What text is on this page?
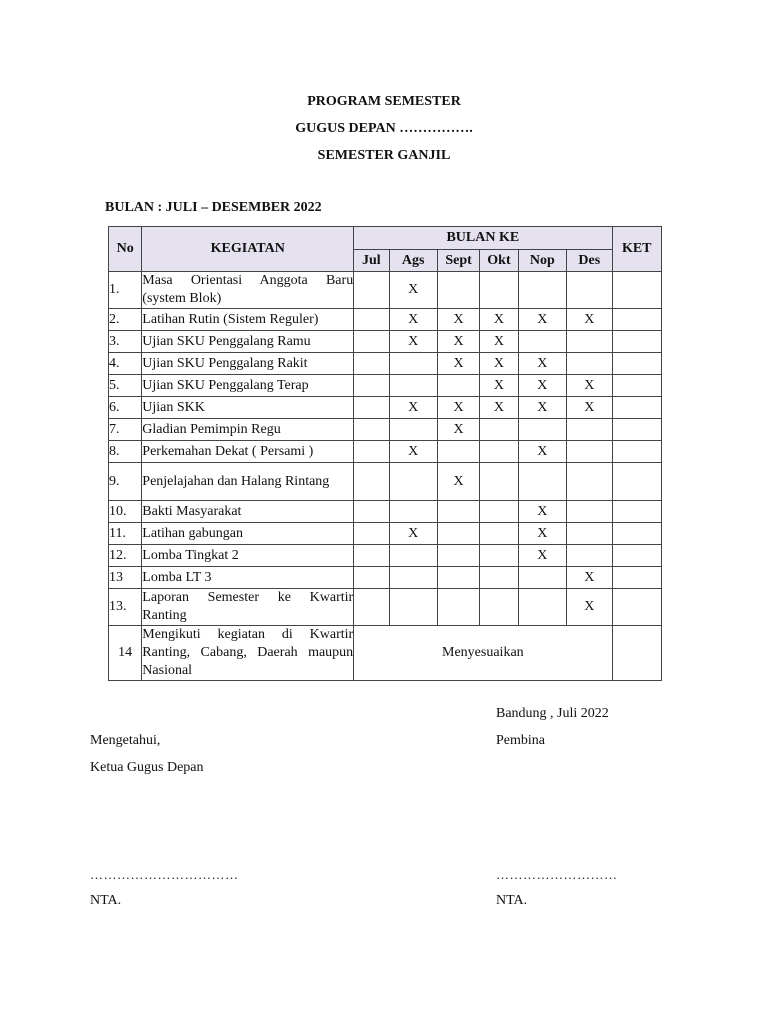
PROGRAM SEMESTER
GUGUS DEPAN …………….
SEMESTER GANJIL
BULAN : JULI – DESEMBER 2022
No	KEGIATAN	BULAN KE						KET
		Jul	Ags	Sept	Okt	Nop	Des	
1.	Masa Orientasi Anggota Baru (system Blok)		X					
2.	Latihan Rutin (Sistem Reguler)		X	X	X	X	X	
3.	Ujian SKU Penggalang Ramu		X	X	X			
4.	Ujian SKU Penggalang Rakit			X	X	X		
5.	Ujian SKU Penggalang Terap				X	X	X	
6.	Ujian SKK		X	X	X	X	X	
7.	Gladian Pemimpin Regu			X				
8.	Perkemahan Dekat ( Persami )		X			X		
9.	Penjelajahan dan Halang Rintang			X				
10.	Bakti Masyarakat					X		
11.	Latihan gabungan		X			X		
12.	Lomba Tingkat 2					X		
13	Lomba LT 3						X	
13.	Laporan Semester ke Kwartir Ranting						X	
14	Mengikuti kegiatan di Kwartir Ranting, Cabang, Daerah maupun Nasional	Menyesuaikan						
Bandung , Juli 2022
Mengetahui,	Pembina
Ketua Gugus Depan
……………………………	………………………
NTA.	NTA.
